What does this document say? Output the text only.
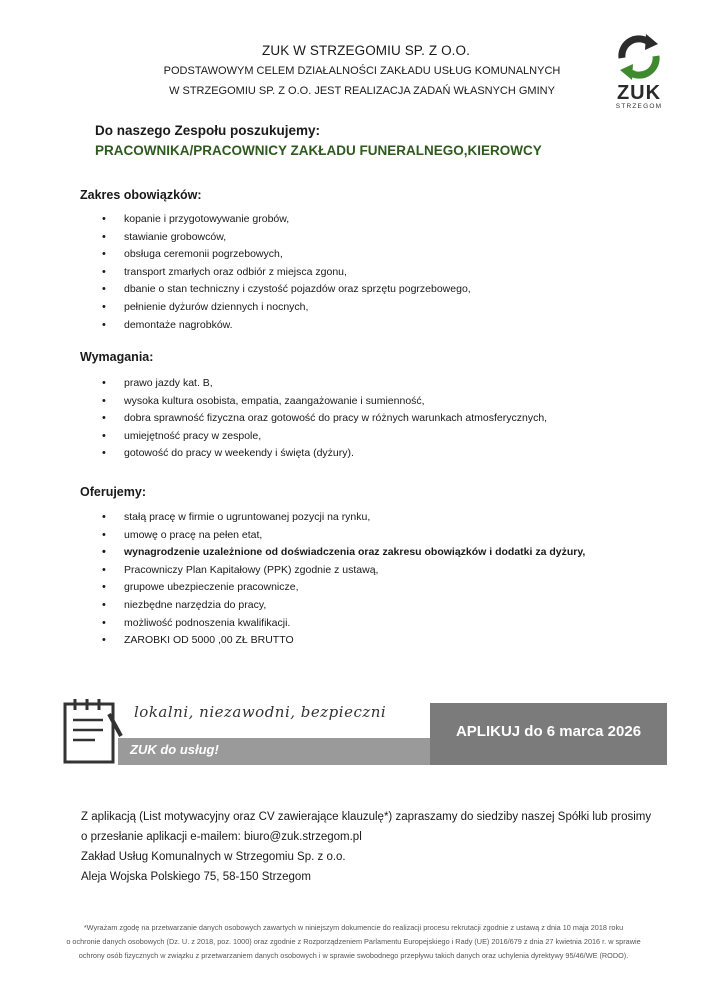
ZUK W STRZEGOMIU SP. Z O.O.
PODSTAWOWYM CELEM DZIAŁALNOŚCI ZAKŁADU USŁUG KOMUNALNYCH
W STRZEGOMIU SP. Z O.O. JEST REALIZACJA ZADAŃ WŁASNYCH GMINY	ZUK
STRZEGOM
Do naszego Zespołu poszukujemy:
PRACOWNIKA/PRACOWNICY ZAKŁADU FUNERALNEGO,KIEROWCY
Zakres obowiązków:
• kopanie i przygotowywanie grobów,
• stawianie grobowców,
• obsługa ceremonii pogrzebowych,
• transport zmarłych oraz odbiór z miejsca zgonu,
• dbanie o stan techniczny i czystość pojazdów oraz sprzętu pogrzebowego,
• pełnienie dyżurów dziennych i nocnych,
• demontaże nagrobków.
Wymagania:
• prawo jazdy kat. B,
• wysoka kultura osobista, empatia, zaangażowanie i sumienność,
• dobra sprawność fizyczna oraz gotowość do pracy w różnych warunkach atmosferycznych,
• umiejętność pracy w zespole,
• gotowość do pracy w weekendy i święta (dyżury).
Oferujemy:
• stałą pracę w firmie o ugruntowanej pozycji na rynku,
• umowę o pracę na pełen etat,
• wynagrodzenie uzależnione od doświadczenia oraz zakresu obowiązków i dodatki za dyżury,
• Pracowniczy Plan Kapitałowy (PPK) zgodnie z ustawą,
• grupowe ubezpieczenie pracownicze,
• niezbędne narzędzia do pracy,
• możliwość podnoszenia kwalifikacji.
• ZAROBKI OD 5000 ,00 ZŁ BRUTTO
lokalni, niezawodni, bezpieczni
ZUK do usług!
APLIKUJ do 6 marca 2026

Z aplikacją (List motywacyjny oraz CV zawierające klauzulę*) zapraszamy do siedziby naszej Spółki lub prosimy

o przesłanie aplikacji e-mailem: biuro@zuk.strzegom.pl

Zakład Usług Komunalnych w Strzegomiu Sp. z o.o.

Aleja Wojska Polskiego 75, 58-150 Strzegom

*Wyrażam zgodę na przetwarzanie danych osobowych zawartych w niniejszym dokumencie do realizacji procesu rekrutacji zgodnie z ustawą z dnia 10 maja 2018 roku
o ochronie danych osobowych (Dz. U. z 2018, poz. 1000) oraz zgodnie z Rozporządzeniem Parlamentu Europejskiego i Rady (UE) 2016/679 z dnia 27 kwietnia 2016 r. w sprawie
ochrony osób fizycznych w związku z przetwarzaniem danych osobowych i w sprawie swobodnego przepływu takich danych oraz uchylenia dyrektywy 95/46/WE (RODO).
